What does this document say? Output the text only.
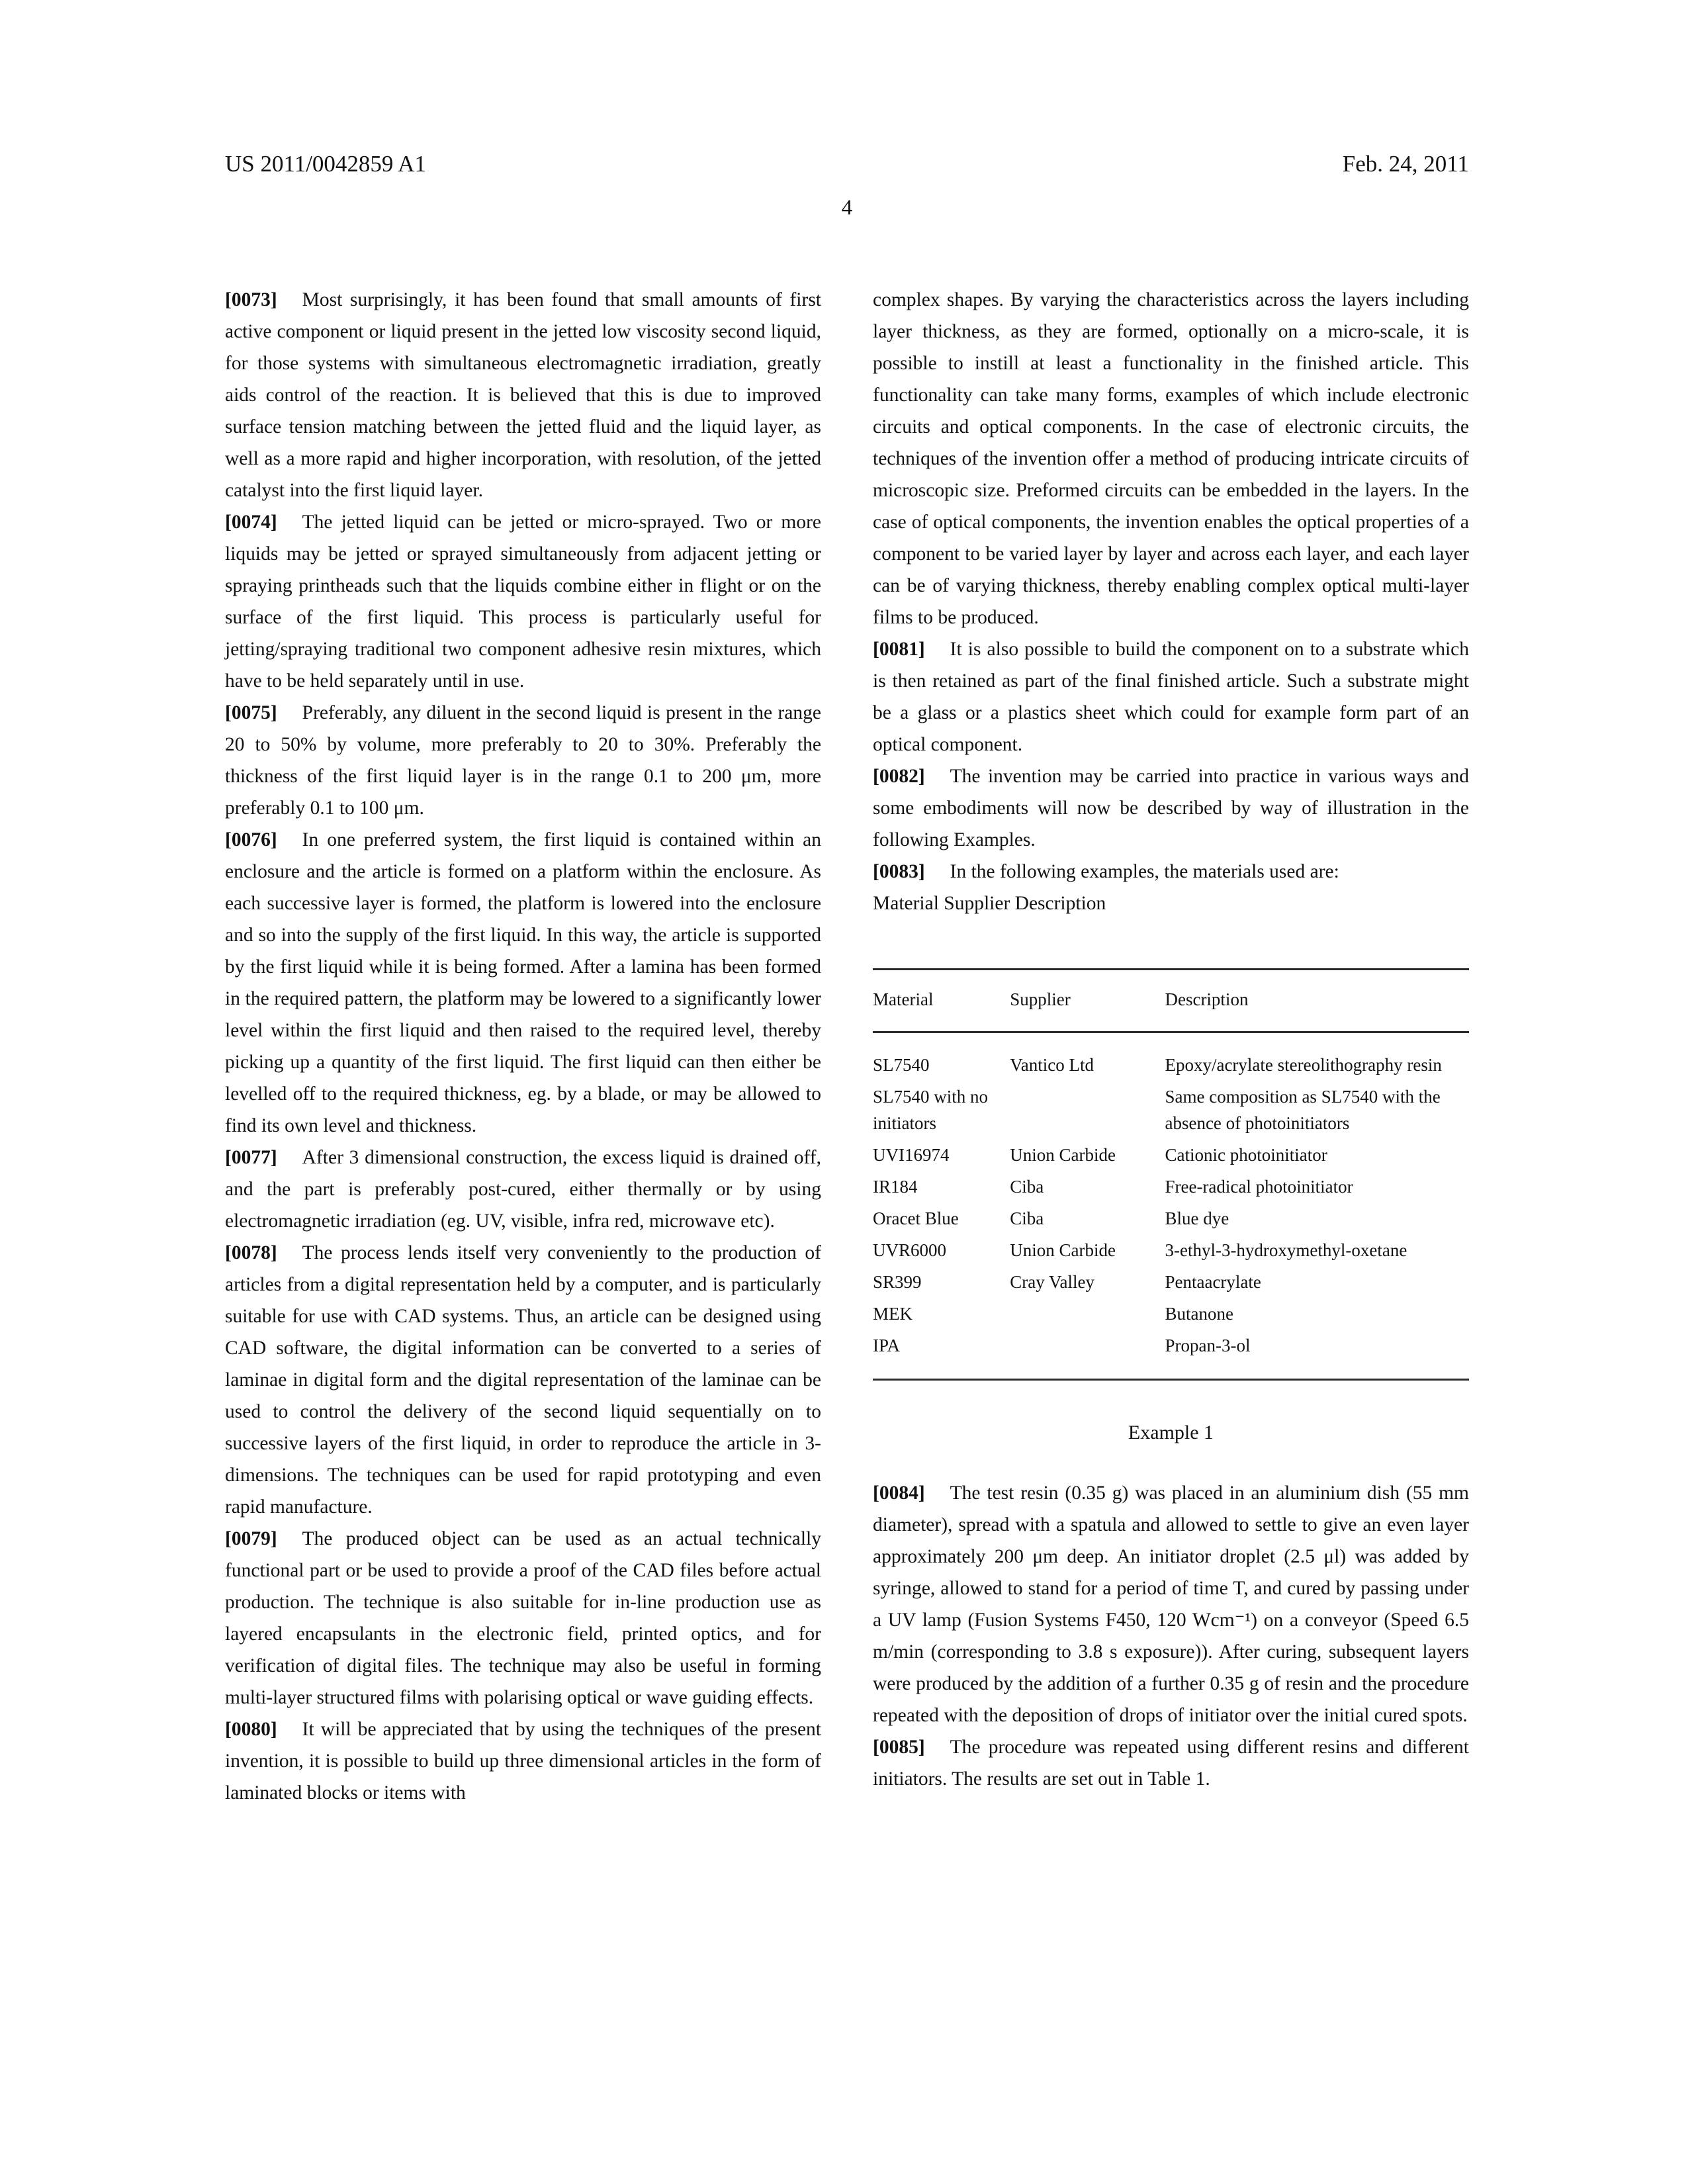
US 2011/0042859 A1	Feb. 24, 2011
4

[0073] Most surprisingly, it has been found that small amounts of first active component or liquid present in the jetted low viscosity second liquid, for those systems with simultaneous electromagnetic irradiation, greatly aids control of the reaction. It is believed that this is due to improved surface tension matching between the jetted fluid and the liquid layer, as well as a more rapid and higher incorporation, with resolution, of the jetted catalyst into the first liquid layer.

[0074] The jetted liquid can be jetted or micro-sprayed. Two or more liquids may be jetted or sprayed simultaneously from adjacent jetting or spraying printheads such that the liquids combine either in flight or on the surface of the first liquid. This process is particularly useful for jetting/spraying traditional two component adhesive resin mixtures, which have to be held separately until in use.

[0075] Preferably, any diluent in the second liquid is present in the range 20 to 50% by volume, more preferably to 20 to 30%. Preferably the thickness of the first liquid layer is in the range 0.1 to 200 μm, more preferably 0.1 to 100 μm.

[0076] In one preferred system, the first liquid is contained within an enclosure and the article is formed on a platform within the enclosure. As each successive layer is formed, the platform is lowered into the enclosure and so into the supply of the first liquid. In this way, the article is supported by the first liquid while it is being formed. After a lamina has been formed in the required pattern, the platform may be lowered to a significantly lower level within the first liquid and then raised to the required level, thereby picking up a quantity of the first liquid. The first liquid can then either be levelled off to the required thickness, eg. by a blade, or may be allowed to find its own level and thickness.

[0077] After 3 dimensional construction, the excess liquid is drained off, and the part is preferably post-cured, either thermally or by using electromagnetic irradiation (eg. UV, visible, infra red, microwave etc).

[0078] The process lends itself very conveniently to the production of articles from a digital representation held by a computer, and is particularly suitable for use with CAD systems. Thus, an article can be designed using CAD software, the digital information can be converted to a series of laminae in digital form and the digital representation of the laminae can be used to control the delivery of the second liquid sequentially on to successive layers of the first liquid, in order to reproduce the article in 3-dimensions. The techniques can be used for rapid prototyping and even rapid manufacture.

[0079] The produced object can be used as an actual technically functional part or be used to provide a proof of the CAD files before actual production. The technique is also suitable for in-line production use as layered encapsulants in the electronic field, printed optics, and for verification of digital files. The technique may also be useful in forming multi-layer structured films with polarising optical or wave guiding effects.

[0080] It will be appreciated that by using the techniques of the present invention, it is possible to build up three dimensional articles in the form of laminated blocks or items with

complex shapes. By varying the characteristics across the layers including layer thickness, as they are formed, optionally on a micro-scale, it is possible to instill at least a functionality in the finished article. This functionality can take many forms, examples of which include electronic circuits and optical components. In the case of electronic circuits, the techniques of the invention offer a method of producing intricate circuits of microscopic size. Preformed circuits can be embedded in the layers. In the case of optical components, the invention enables the optical properties of a component to be varied layer by layer and across each layer, and each layer can be of varying thickness, thereby enabling complex optical multi-layer films to be produced.

[0081] It is also possible to build the component on to a substrate which is then retained as part of the final finished article. Such a substrate might be a glass or a plastics sheet which could for example form part of an optical component.

[0082] The invention may be carried into practice in various ways and some embodiments will now be described by way of illustration in the following Examples.

[0083] In the following examples, the materials used are:

Material Supplier Description

Material	Supplier	Description
SL7540	Vantico Ltd	Epoxy/acrylate stereolithography resin
SL7540 with no initiators		Same composition as SL7540 with the absence of photoinitiators
UVI16974	Union Carbide	Cationic photoinitiator
IR184	Ciba	Free-radical photoinitiator
Oracet Blue	Ciba	Blue dye
UVR6000	Union Carbide	3-ethyl-3-hydroxymethyl-oxetane
SR399	Cray Valley	Pentaacrylate
MEK		Butanone
IPA		Propan-3-ol
Example 1

[0084] The test resin (0.35 g) was placed in an aluminium dish (55 mm diameter), spread with a spatula and allowed to settle to give an even layer approximately 200 μm deep. An initiator droplet (2.5 μl) was added by syringe, allowed to stand for a period of time T, and cured by passing under a UV lamp (Fusion Systems F450, 120 Wcm⁻¹) on a conveyor (Speed 6.5 m/min (corresponding to 3.8 s exposure)). After curing, subsequent layers were produced by the addition of a further 0.35 g of resin and the procedure repeated with the deposition of drops of initiator over the initial cured spots.

[0085] The procedure was repeated using different resins and different initiators. The results are set out in Table 1.
